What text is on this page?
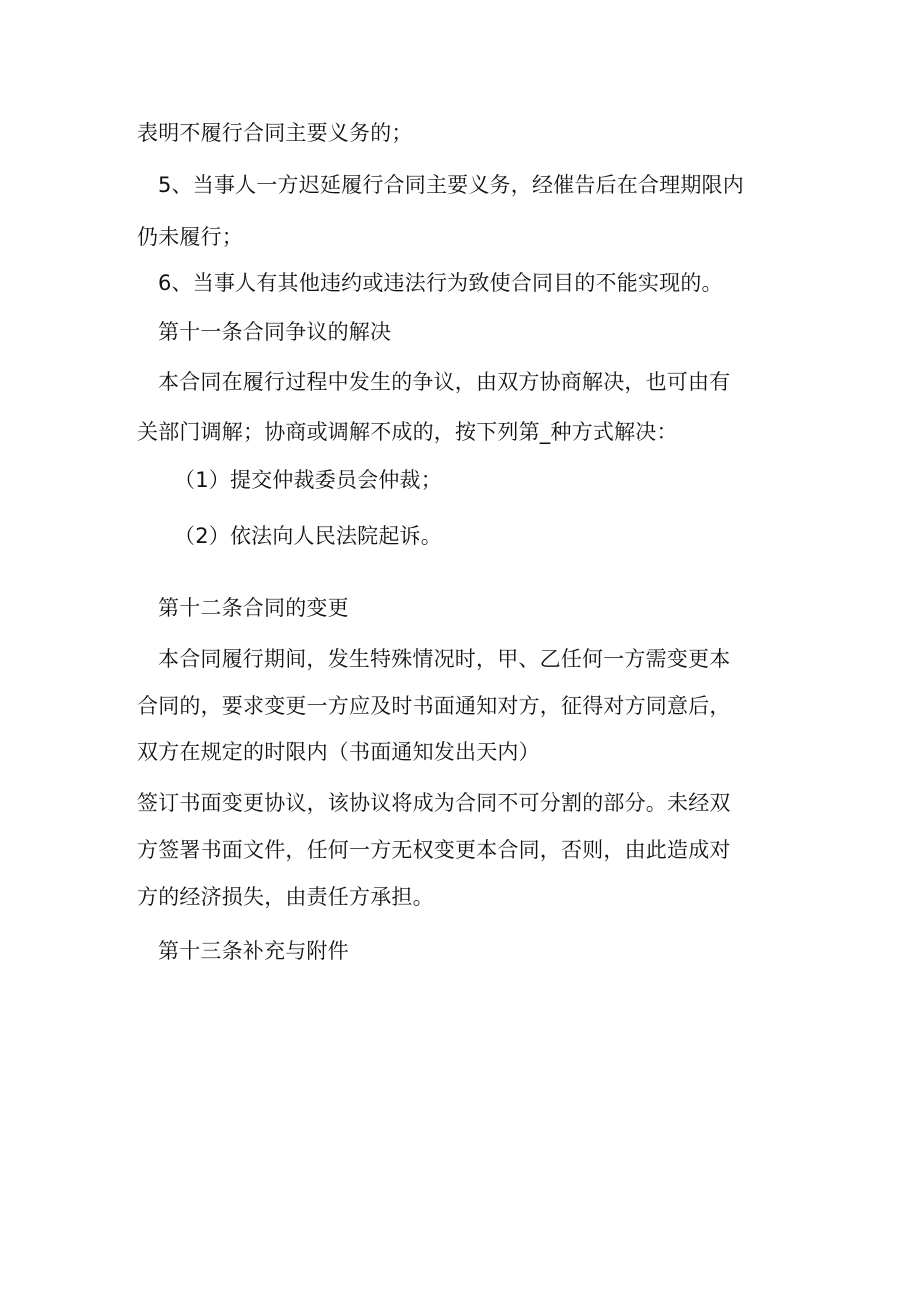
表明不履行合同主要义务的；
5、当事人一方迟延履行合同主要义务，经催告后在合理期限内
仍未履行；
6、当事人有其他违约或违法行为致使合同目的不能实现的。
第十一条合同争议的解决
本合同在履行过程中发生的争议，由双方协商解决，也可由有
关部门调解；协商或调解不成的，按下列第_种方式解决：
（1）提交仲裁委员会仲裁；
（2）依法向人民法院起诉。
第十二条合同的变更
本合同履行期间，发生特殊情况时，甲、乙任何一方需变更本
合同的，要求变更一方应及时书面通知对方，征得对方同意后，
双方在规定的时限内（书面通知发出天内）
签订书面变更协议，该协议将成为合同不可分割的部分。未经双
方签署书面文件，任何一方无权变更本合同，否则，由此造成对
方的经济损失，由责任方承担。
第十三条补充与附件
